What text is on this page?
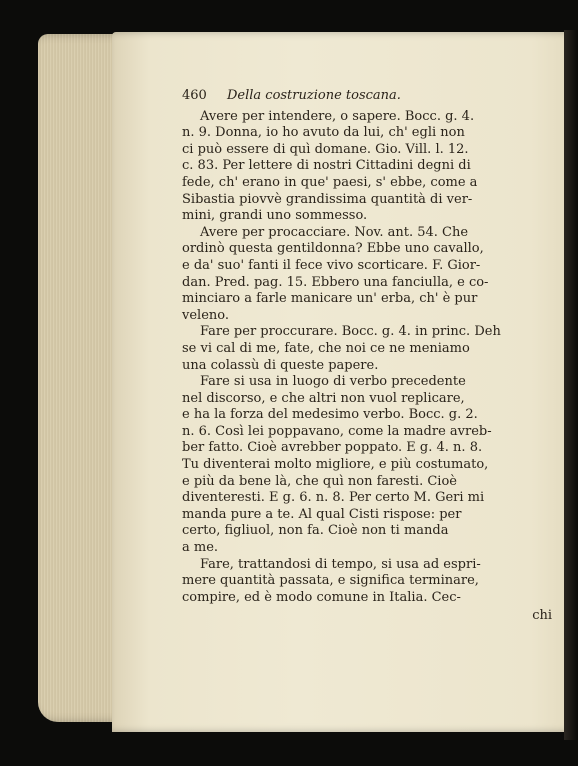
460 Della costruzione toscana.
Avere per intendere, o sapere. Bocc. g. 4.
n. 9. Donna, io ho avuto da lui, ch' egli non
ci può essere di quì domane. Gio. Vill. l. 12.
c. 83. Per lettere di nostri Cittadini degni di
fede, ch' erano in que' paesi, s' ebbe, come a
Sibastia piovvè grandissima quantità di ver-
mini, grandi uno sommesso.
Avere per procacciare. Nov. ant. 54. Che
ordinò questa gentildonna? Ebbe uno cavallo,
e da' suo' fanti il fece vivo scorticare. F. Gior-
dan. Pred. pag. 15. Ebbero una fanciulla, e co-
minciaro a farle manicare un' erba, ch' è pur
veleno.
Fare per proccurare. Bocc. g. 4. in princ. Deh
se vi cal di me, fate, che noi ce ne meniamo
una colassù di queste papere.
Fare si usa in luogo di verbo precedente
nel discorso, e che altri non vuol replicare,
e ha la forza del medesimo verbo. Bocc. g. 2.
n. 6. Così lei poppavano, come la madre avreb-
ber fatto. Cioè avrebber poppato. E g. 4. n. 8.
Tu diventerai molto migliore, e più costumato,
e più da bene là, che quì non faresti. Cioè
diventeresti. E g. 6. n. 8. Per certo M. Geri mi
manda pure a te. Al qual Cisti rispose: per
certo, figliuol, non fa. Cioè non ti manda
a me.
Fare, trattandosi di tempo, si usa ad espri-
mere quantità passata, e significa terminare,
compire, ed è modo comune in Italia. Cec-
chi
